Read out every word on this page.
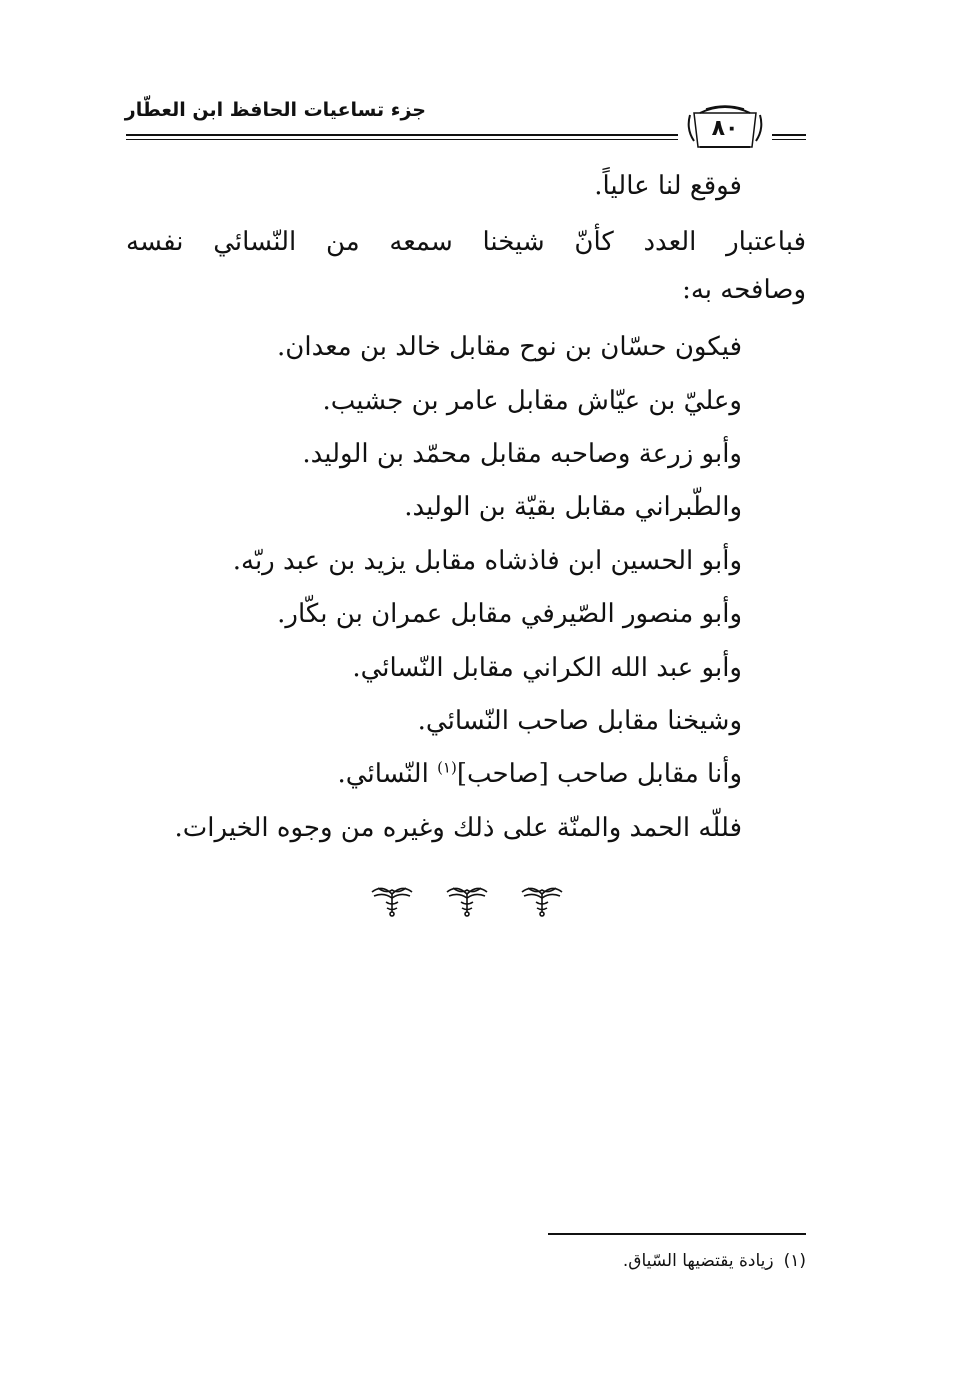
جزء تساعيات الحافظ ابن العطّار
٨٠
فوقع لنا عالياً.
فباعتبار العدد كأنّ شيخنا سمعه من النّسائي نفسه
وصافحه به:
فيكون حسّان بن نوح مقابل خالد بن معدان.
وعليّ بن عيّاش مقابل عامر بن جشيب.
وأبو زرعة وصاحبه مقابل محمّد بن الوليد.
والطّبراني مقابل بقيّة بن الوليد.
وأبو الحسين ابن فاذشاه مقابل يزيد بن عبد ربّه.
وأبو منصور الصّيرفي مقابل عمران بن بكّار.
وأبو عبد الله الكراني مقابل النّسائي.
وشيخنا مقابل صاحب النّسائي.
وأنا مقابل صاحب [صاحب]$^{(١)}$ النّسائي.
فللّه الحمد والمنّة على ذلك وغيره من وجوه الخيرات.
(١)زيادة يقتضيها السّياق.
